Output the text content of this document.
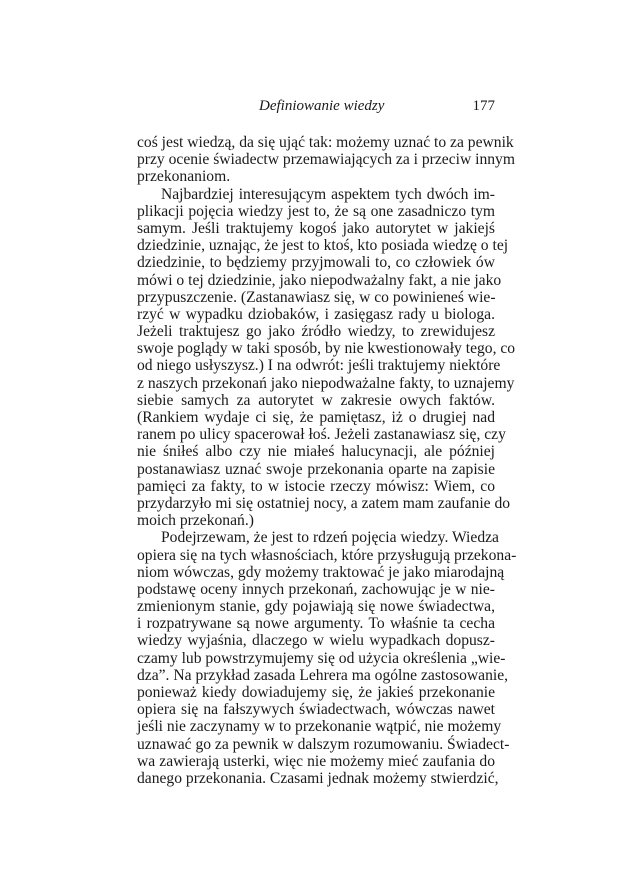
Definiowanie wiedzy	177
coś jest wiedzą, da się ująć tak: możemy uznać to za pewnik
przy ocenie świadectw przemawiających za i przeciw innym
przekonaniom.
Najbardziej interesującym aspektem tych dwóch im-
plikacji pojęcia wiedzy jest to, że są one zasadniczo tym
samym. Jeśli traktujemy kogoś jako autorytet w jakiejś
dziedzinie, uznając, że jest to ktoś, kto posiada wiedzę o tej
dziedzinie, to będziemy przyjmowali to, co człowiek ów
mówi o tej dziedzinie, jako niepodważalny fakt, a nie jako
przypuszczenie. (Zastanawiasz się, w co powinieneś wie-
rzyć w wypadku dziobaków, i zasięgasz rady u biologa.
Jeżeli traktujesz go jako źródło wiedzy, to zrewidujesz
swoje poglądy w taki sposób, by nie kwestionowały tego, co
od niego usłyszysz.) I na odwrót: jeśli traktujemy niektóre
z naszych przekonań jako niepodważalne fakty, to uznajemy
siebie samych za autorytet w zakresie owych faktów.
(Rankiem wydaje ci się, że pamiętasz, iż o drugiej nad
ranem po ulicy spacerował łoś. Jeżeli zastanawiasz się, czy
nie śniłeś albo czy nie miałeś halucynacji, ale później
postanawiasz uznać swoje przekonania oparte na zapisie
pamięci za fakty, to w istocie rzeczy mówisz: Wiem, co
przydarzyło mi się ostatniej nocy, a zatem mam zaufanie do
moich przekonań.)
Podejrzewam, że jest to rdzeń pojęcia wiedzy. Wiedza
opiera się na tych własnościach, które przysługują przekona-
niom wówczas, gdy możemy traktować je jako miarodajną
podstawę oceny innych przekonań, zachowując je w nie-
zmienionym stanie, gdy pojawiają się nowe świadectwa,
i rozpatrywane są nowe argumenty. To właśnie ta cecha
wiedzy wyjaśnia, dlaczego w wielu wypadkach dopusz-
czamy lub powstrzymujemy się od użycia określenia „wie-
dza”. Na przykład zasada Lehrera ma ogólne zastosowanie,
ponieważ kiedy dowiadujemy się, że jakieś przekonanie
opiera się na fałszywych świadectwach, wówczas nawet
jeśli nie zaczynamy w to przekonanie wątpić, nie możemy
uznawać go za pewnik w dalszym rozumowaniu. Świadect-
wa zawierają usterki, więc nie możemy mieć zaufania do
danego przekonania. Czasami jednak możemy stwierdzić,
